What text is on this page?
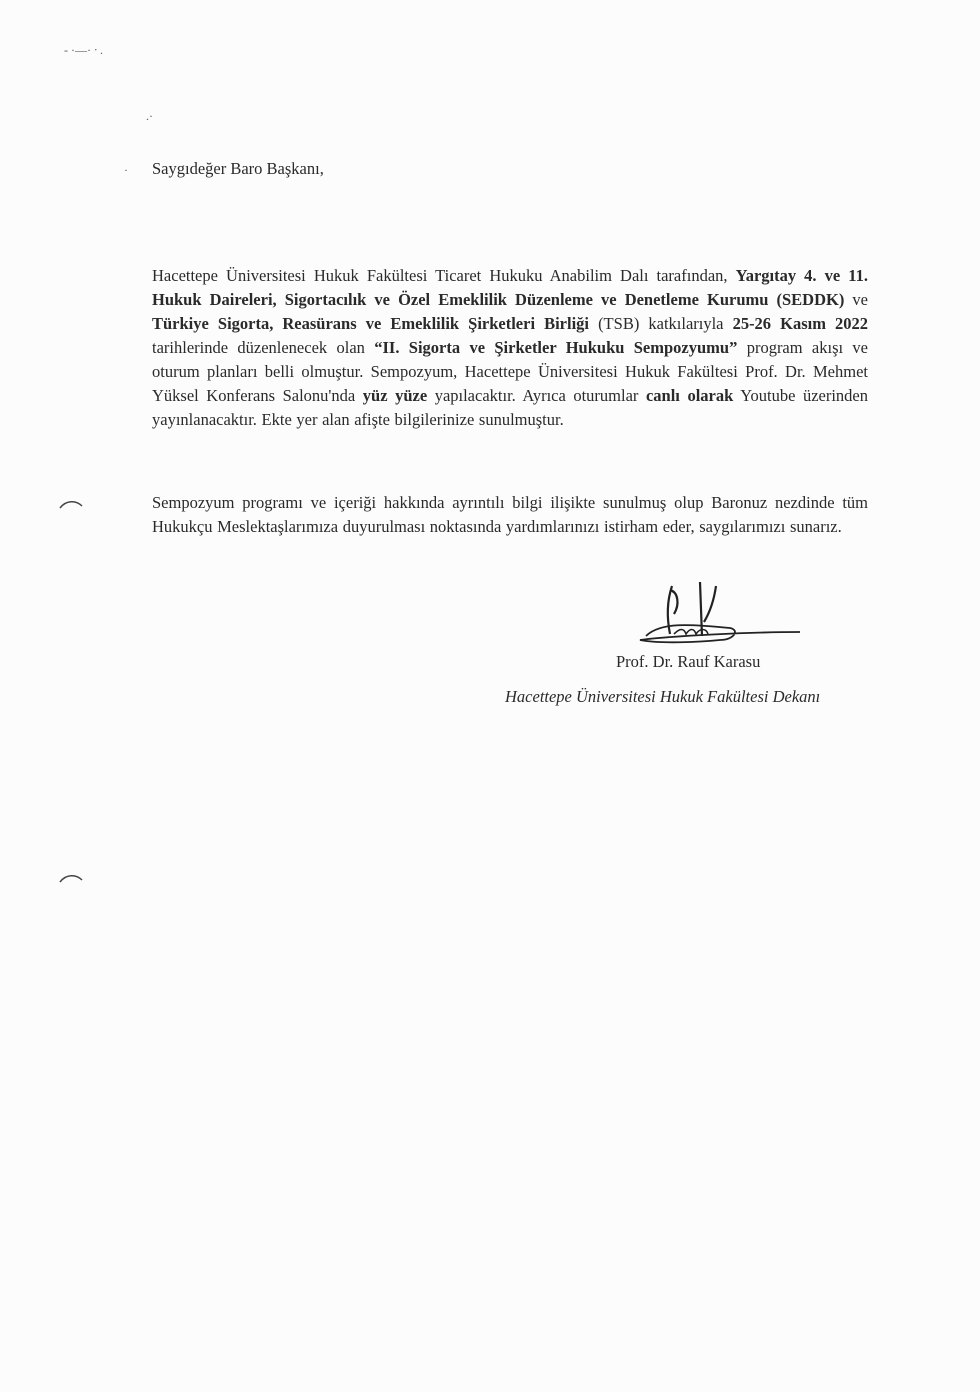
- ·—· ᐧ .
.·
· Saygıdeğer Baro Başkanı,
Hacettepe Üniversitesi Hukuk Fakültesi Ticaret Hukuku Anabilim Dalı tarafından, Yargıtay 4. ve 11. Hukuk Daireleri, Sigortacılık ve Özel Emeklilik Düzenleme ve Denetleme Kurumu (SEDDK) ve Türkiye Sigorta, Reasürans ve Emeklilik Şirketleri Birliği (TSB) katkılarıyla 25-26 Kasım 2022 tarihlerinde düzenlenecek olan “II. Sigorta ve Şirketler Hukuku Sempozyumu” program akışı ve oturum planları belli olmuştur. Sempozyum, Hacettepe Üniversitesi Hukuk Fakültesi Prof. Dr. Mehmet Yüksel Konferans Salonu'nda yüz yüze yapılacaktır. Ayrıca oturumlar canlı olarak Youtube üzerinden yayınlanacaktır. Ekte yer alan afişte bilgilerinize sunulmuştur.
Sempozyum programı ve içeriği hakkında ayrıntılı bilgi ilişikte sunulmuş olup Baronuz nezdinde tüm Hukukçu Meslektaşlarımıza duyurulması noktasında yardımlarınızı istirham eder, saygılarımızı sunarız.
Prof. Dr. Rauf Karasu
Hacettepe Üniversitesi Hukuk Fakültesi Dekanı
